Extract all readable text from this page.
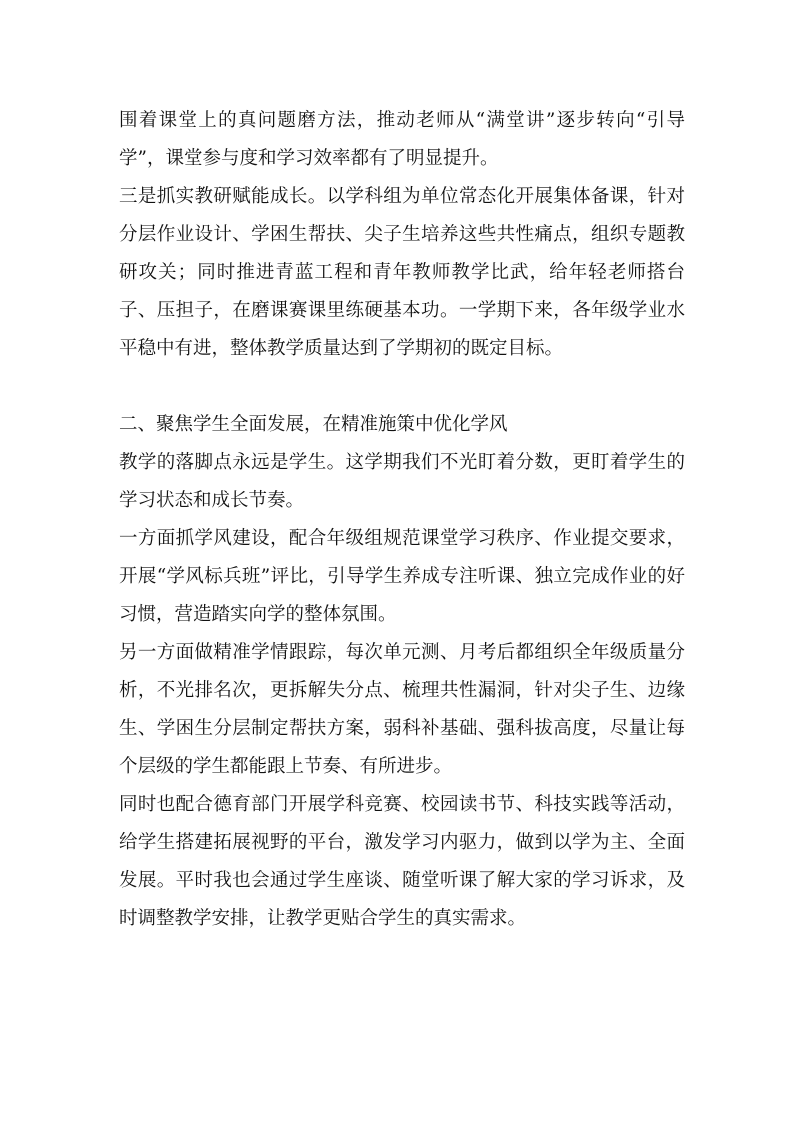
围着课堂上的真问题磨方法，推动老师从“满堂讲”逐步转向“引导学”，课堂参与度和学习效率都有了明显提升。

三是抓实教研赋能成长。以学科组为单位常态化开展集体备课，针对分层作业设计、学困生帮扶、尖子生培养这些共性痛点，组织专题教研攻关；同时推进青蓝工程和青年教师教学比武，给年轻老师搭台子、压担子，在磨课赛课里练硬基本功。一学期下来，各年级学业水平稳中有进，整体教学质量达到了学期初的既定目标。

二、聚焦学生全面发展，在精准施策中优化学风

教学的落脚点永远是学生。这学期我们不光盯着分数，更盯着学生的学习状态和成长节奏。

一方面抓学风建设，配合年级组规范课堂学习秩序、作业提交要求，开展“学风标兵班”评比，引导学生养成专注听课、独立完成作业的好习惯，营造踏实向学的整体氛围。

另一方面做精准学情跟踪，每次单元测、月考后都组织全年级质量分析，不光排名次，更拆解失分点、梳理共性漏洞，针对尖子生、边缘生、学困生分层制定帮扶方案，弱科补基础、强科拔高度，尽量让每个层级的学生都能跟上节奏、有所进步。

同时也配合德育部门开展学科竞赛、校园读书节、科技实践等活动，给学生搭建拓展视野的平台，激发学习内驱力，做到以学为主、全面发展。平时我也会通过学生座谈、随堂听课了解大家的学习诉求，及时调整教学安排，让教学更贴合学生的真实需求。
